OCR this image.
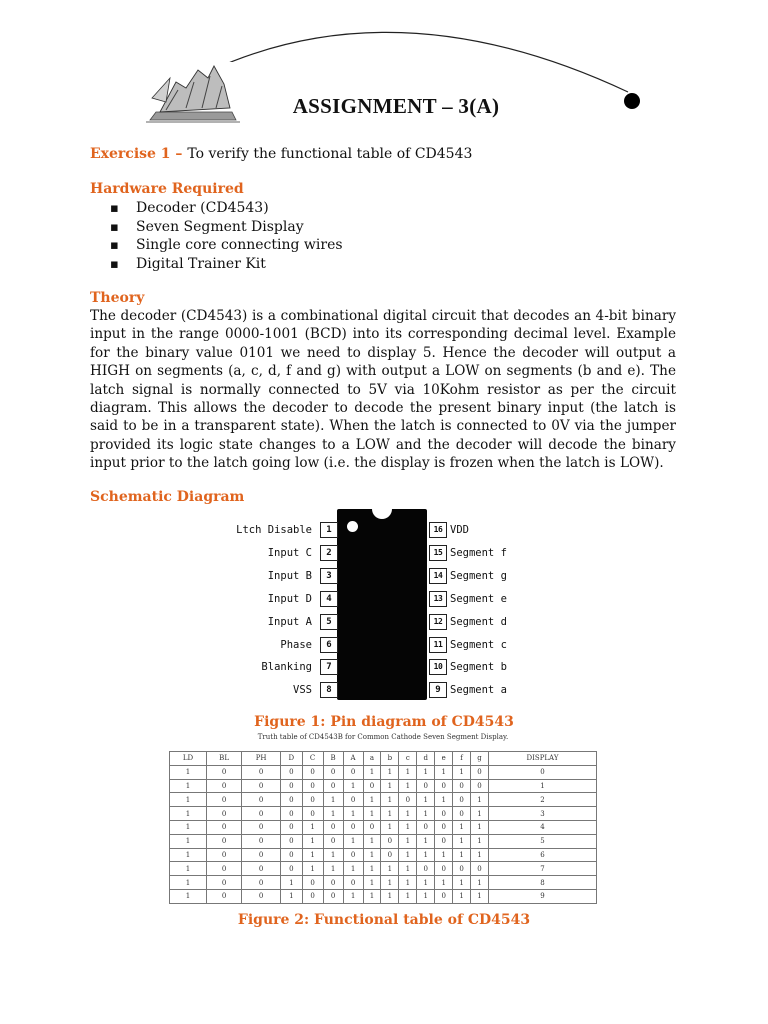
ASSIGNMENT – 3(A)
Exercise 1 – To verify the functional table of CD4543
Hardware Required
▪ Decoder (CD4543)
▪ Seven Segment Display
▪ Single core connecting wires
▪ Digital Trainer Kit
Theory
The decoder (CD4543) is a combinational digital circuit that decodes an 4-bit binary input in the range 0000-1001 (BCD) into its corresponding decimal level. Example for the binary value 0101 we need to display 5. Hence the decoder will output a HIGH on segments (a, c, d, f and g) with output a LOW on segments (b and e). The latch signal is normally connected to 5V via 10Kohm resistor as per the circuit diagram. This allows the decoder to decode the present binary input (the latch is said to be in a transparent state). When the latch is connected to 0V via the jumper provided its logic state changes to a LOW and the decoder will decode the binary input prior to the latch going low (i.e. the display is frozen when the latch is LOW).
Schematic Diagram
1
Ltch Disable
2
Input C
3
Input B
4
Input D
5
Input A
6
Phase
7
Blanking
8
VSS
16 VDD
15 Segment f
14 Segment g
13 Segment e
12 Segment d
11 Segment c
10 Segment b
9 Segment a
Figure 1: Pin diagram of CD4543
Truth table of CD4543B for Common Cathode Seven Segment Display.
LD	BL	PH	D	C	B	A	a	b	c	d	e	f	g	DISPLAY
1	0	0	0	0	0	0	1	1	1	1	1	1	0	0
1	0	0	0	0	0	1	0	1	1	0	0	0	0	1
1	0	0	0	0	1	0	1	1	0	1	1	0	1	2
1	0	0	0	0	1	1	1	1	1	1	0	0	1	3
1	0	0	0	1	0	0	0	1	1	0	0	1	1	4
1	0	0	0	1	0	1	1	0	1	1	0	1	1	5
1	0	0	0	1	1	0	1	0	1	1	1	1	1	6
1	0	0	0	1	1	1	1	1	1	0	0	0	0	7
1	0	0	1	0	0	0	1	1	1	1	1	1	1	8
1	0	0	1	0	0	1	1	1	1	1	0	1	1	9
Figure 2: Functional table of CD4543
